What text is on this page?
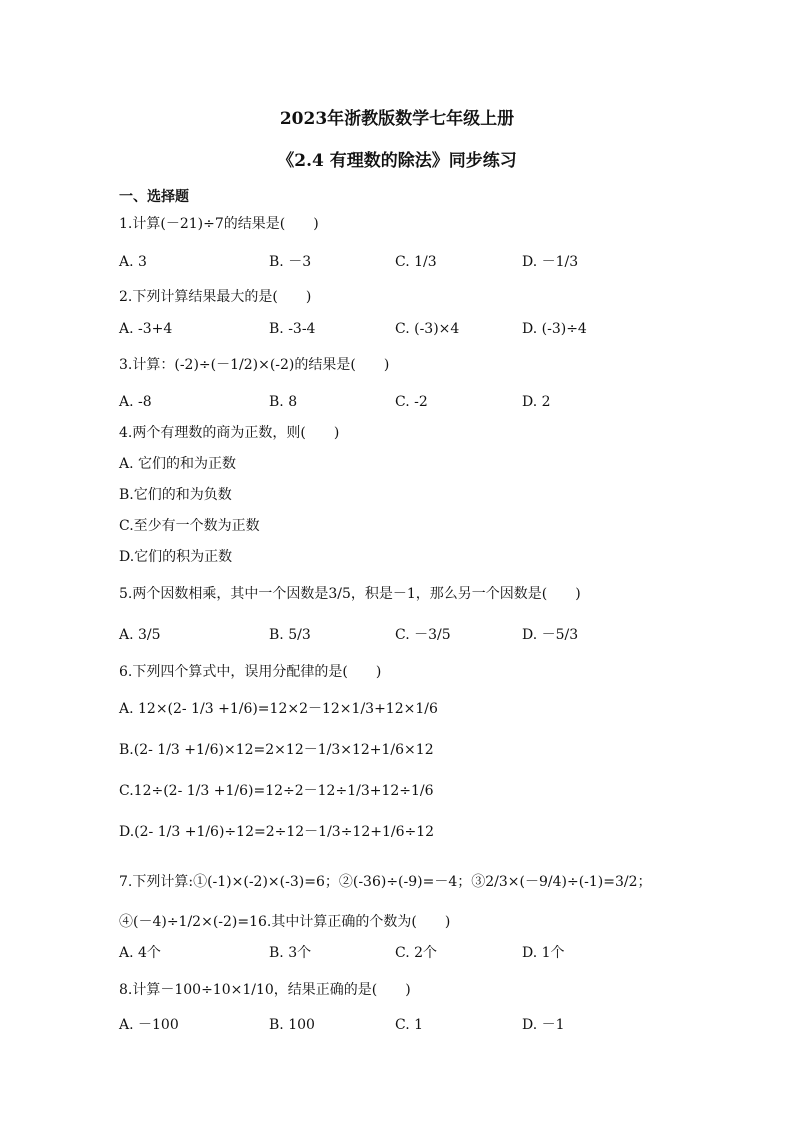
2023年浙教版数学七年级上册
《2.4 有理数的除法》同步练习
一、选择题
1.计算(－21)÷7的结果是(　　)
A. 3	B. －3	C. 1/3	D. －1/3
2.下列计算结果最大的是(　　)
A. -3+4	B. -3-4	C. (-3)×4	D. (-3)÷4
3.计算：(-2)÷(－1/2)×(-2)的结果是(　　)
A. -8	B. 8	C. -2	D. 2
4.两个有理数的商为正数，则(　　)
A. 它们的和为正数
B.它们的和为负数
C.至少有一个数为正数
D.它们的积为正数
5.两个因数相乘，其中一个因数是3/5，积是－1，那么另一个因数是(　　)
A. 3/5	B. 5/3	C. －3/5	D. －5/3
6.下列四个算式中，误用分配律的是(　　)
A. 12×(2- 1/3 +1/6)=12×2－12×1/3+12×1/6
B.(2- 1/3 +1/6)×12=2×12－1/3×12+1/6×12
C.12÷(2- 1/3 +1/6)=12÷2－12÷1/3+12÷1/6
D.(2- 1/3 +1/6)÷12=2÷12－1/3÷12+1/6÷12
7.下列计算:①(-1)×(-2)×(-3)=6；②(-36)÷(-9)=－4；③2/3×(－9/4)÷(-1)=3/2；④(－4)÷1/2×(-2)=16.其中计算正确的个数为(　　)
A. 4个	B. 3个	C. 2个	D. 1个
8.计算－100÷10×1/10，结果正确的是(　　)
A. －100	B. 100	C. 1	D. －1
